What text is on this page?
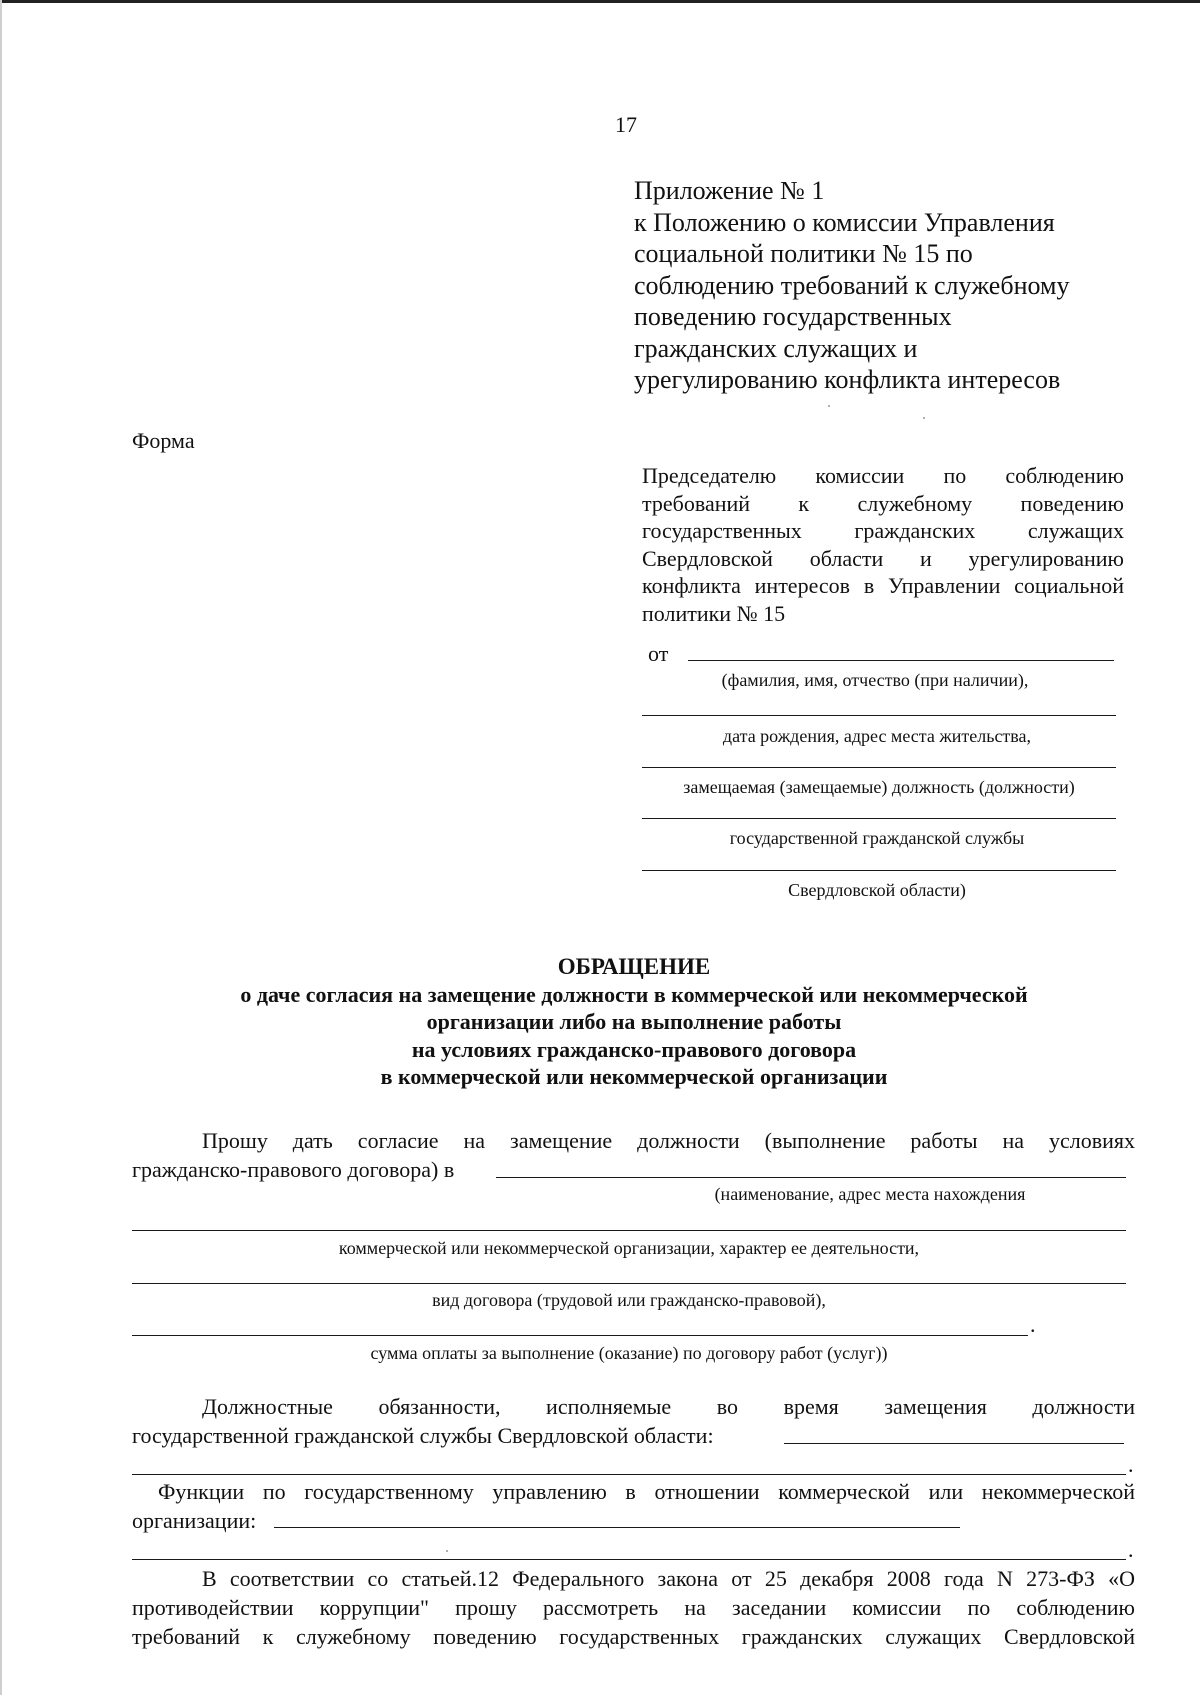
17
Приложение № 1
к Положению о комиссии Управления
социальной политики № 15 по
соблюдению требований к служебному
поведению государственных
гражданских служащих и
урегулированию конфликта интересов
Форма
Председателю комиссии по соблюдению требований к служебному поведению государственных гражданских служащих Свердловской области и урегулированию конфликта интересов в Управлении социальной политики № 15
от
(фамилия, имя, отчество (при наличии),
дата рождения, адрес места жительства,
замещаемая (замещаемые) должность (должности)
государственной гражданской службы
Свердловской области)
ОБРАЩЕНИЕ
о даче согласия на замещение должности в коммерческой или некоммерческой
организации либо на выполнение работы
на условиях гражданско-правового договора
в коммерческой или некоммерческой организации
Прошу дать согласие на замещение должности (выполнение работы на условиях
гражданско-правового договора) в
(наименование, адрес места нахождения
коммерческой или некоммерческой организации, характер ее деятельности,
вид договора (трудовой или гражданско-правовой),
.
сумма оплаты за выполнение (оказание) по договору работ (услуг))
Должностные обязанности, исполняемые во время замещения должности
государственной гражданской службы Свердловской области:
.
Функции по государственному управлению в отношении коммерческой или некоммерческой
организации:
.
В соответствии со статьей.12 Федерального закона от 25 декабря 2008 года N 273-ФЗ «О
противодействии коррупции" прошу рассмотреть на заседании комиссии по соблюдению
требований к служебному поведению государственных гражданских служащих Свердловской
